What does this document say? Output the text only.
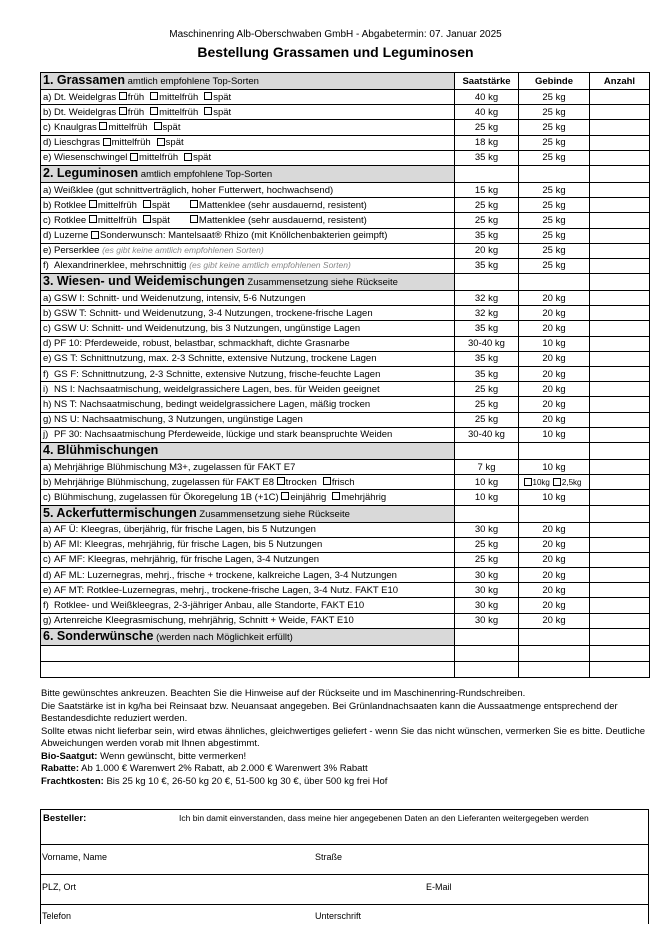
Maschinenring Alb-Oberschwaben GmbH - Abgabetermin: 07. Januar 2025
Bestellung Grassamen und Leguminosen
1. Grassamen amtlich empfohlene Top-Sorten	Saatstärke	Gebinde	Anzahl
a) Dt. Weidelgras früh mittelfrüh spät	40 kg	25 kg	
b) Dt. Weidelgras früh mittelfrüh spät	40 kg	25 kg	
c) Knaulgras mittelfrüh spät	25 kg	25 kg	
d) Lieschgras mittelfrüh spät	18 kg	25 kg	
e) Wiesenschwingel mittelfrüh spät	35 kg	25 kg	
2. Leguminosen amtlich empfohlene Top-Sorten			
a) Weißklee (gut schnittverträglich, hoher Futterwert, hochwachsend)	15 kg	25 kg	
b) Rotklee mittelfrüh spät Mattenklee (sehr ausdauernd, resistent)	25 kg	25 kg	
c) Rotklee mittelfrüh spät Mattenklee (sehr ausdauernd, resistent)	25 kg	25 kg	
d) Luzerne Sonderwunsch: Mantelsaat® Rhizo (mit Knöllchenbakterien geimpft)	35 kg	25 kg	
e) Perserklee (es gibt keine amtlich empfohlenen Sorten)	20 kg	25 kg	
f) Alexandrinerklee, mehrschnittig (es gibt keine amtlich empfohlenen Sorten)	35 kg	25 kg	
3. Wiesen- und Weidemischungen Zusammensetzung siehe Rückseite			
a) GSW I: Schnitt- und Weidenutzung, intensiv, 5-6 Nutzungen	32 kg	20 kg	
b) GSW T: Schnitt- und Weidenutzung, 3-4 Nutzungen, trockene-frische Lagen	32 kg	20 kg	
c) GSW U: Schnitt- und Weidenutzung, bis 3 Nutzungen, ungünstige Lagen	35 kg	20 kg	
d) PF 10: Pferdeweide, robust, belastbar, schmackhaft, dichte Grasnarbe	30-40 kg	10 kg	
e) GS T: Schnittnutzung, max. 2-3 Schnitte, extensive Nutzung, trockene Lagen	35 kg	20 kg	
f) GS F: Schnittnutzung, 2-3 Schnitte, extensive Nutzung, frische-feuchte Lagen	35 kg	20 kg	
i) NS I: Nachsaatmischung, weidelgrassichere Lagen, bes. für Weiden geeignet	25 kg	20 kg	
h) NS T: Nachsaatmischung, bedingt weidelgrassichere Lagen, mäßig trocken	25 kg	20 kg	
g) NS U: Nachsaatmischung, 3 Nutzungen, ungünstige Lagen	25 kg	20 kg	
j) PF 30: Nachsaatmischung Pferdeweide, lückige und stark beanspruchte Weiden	30-40 kg	10 kg	
4. Blühmischungen			
a) Mehrjährige Blühmischung M3+, zugelassen für FAKT E7	7 kg	10 kg	
b) Mehrjährige Blühmischung, zugelassen für FAKT E8 trocken frisch	10 kg	10kg 2,5kg	
c) Blühmischung, zugelassen für Ökoregelung 1B (+1C) einjährig mehrjährig	10 kg	10 kg	
5. Ackerfuttermischungen Zusammensetzung siehe Rückseite			
a) AF Ü: Kleegras, überjährig, für frische Lagen, bis 5 Nutzungen	30 kg	20 kg	
b) AF MI: Kleegras, mehrjährig, für frische Lagen, bis 5 Nutzungen	25 kg	20 kg	
c) AF MF: Kleegras, mehrjährig, für frische Lagen, 3-4 Nutzungen	25 kg	20 kg	
d) AF ML: Luzernegras, mehrj., frische + trockene, kalkreiche Lagen, 3-4 Nutzungen	30 kg	20 kg	
e) AF MT: Rotklee-Luzernegras, mehrj., trockene-frische Lagen, 3-4 Nutz. FAKT E10	30 kg	20 kg	
f) Rotklee- und Weißkleegras, 2-3-jähriger Anbau, alle Standorte, FAKT E10	30 kg	20 kg	
g) Artenreiche Kleegrasmischung, mehrjährig, Schnitt + Weide, FAKT E10	30 kg	20 kg	
6. Sonderwünsche (werden nach Möglichkeit erfüllt)			

Bitte gewünschtes ankreuzen. Beachten Sie die Hinweise auf der Rückseite und im Maschinenring-Rundschreiben.

Die Saatstärke ist in kg/ha bei Reinsaat bzw. Neuansaat angegeben. Bei Grünlandnachsaaten kann die Aussaatmenge entsprechend der Bestandesdichte reduziert werden.

Sollte etwas nicht lieferbar sein, wird etwas ähnliches, gleichwertiges geliefert - wenn Sie das nicht wünschen, vermerken Sie es bitte. Deutliche Abweichungen werden vorab mit Ihnen abgestimmt.

Bio-Saatgut: Wenn gewünscht, bitte vermerken!

Rabatte: Ab 1.000 € Warenwert 2% Rabatt, ab 2.000 € Warenwert 3% Rabatt

Frachtkosten: Bis 25 kg 10 €, 26-50 kg 20 €, 51-500 kg 30 €, über 500 kg frei Hof

Besteller:	Ich bin damit einverstanden, dass meine hier angegebenen Daten an den Lieferanten weitergegeben werden
Vorname, Name	Straße
PLZ, Ort	E-Mail
Telefon	Unterschrift
